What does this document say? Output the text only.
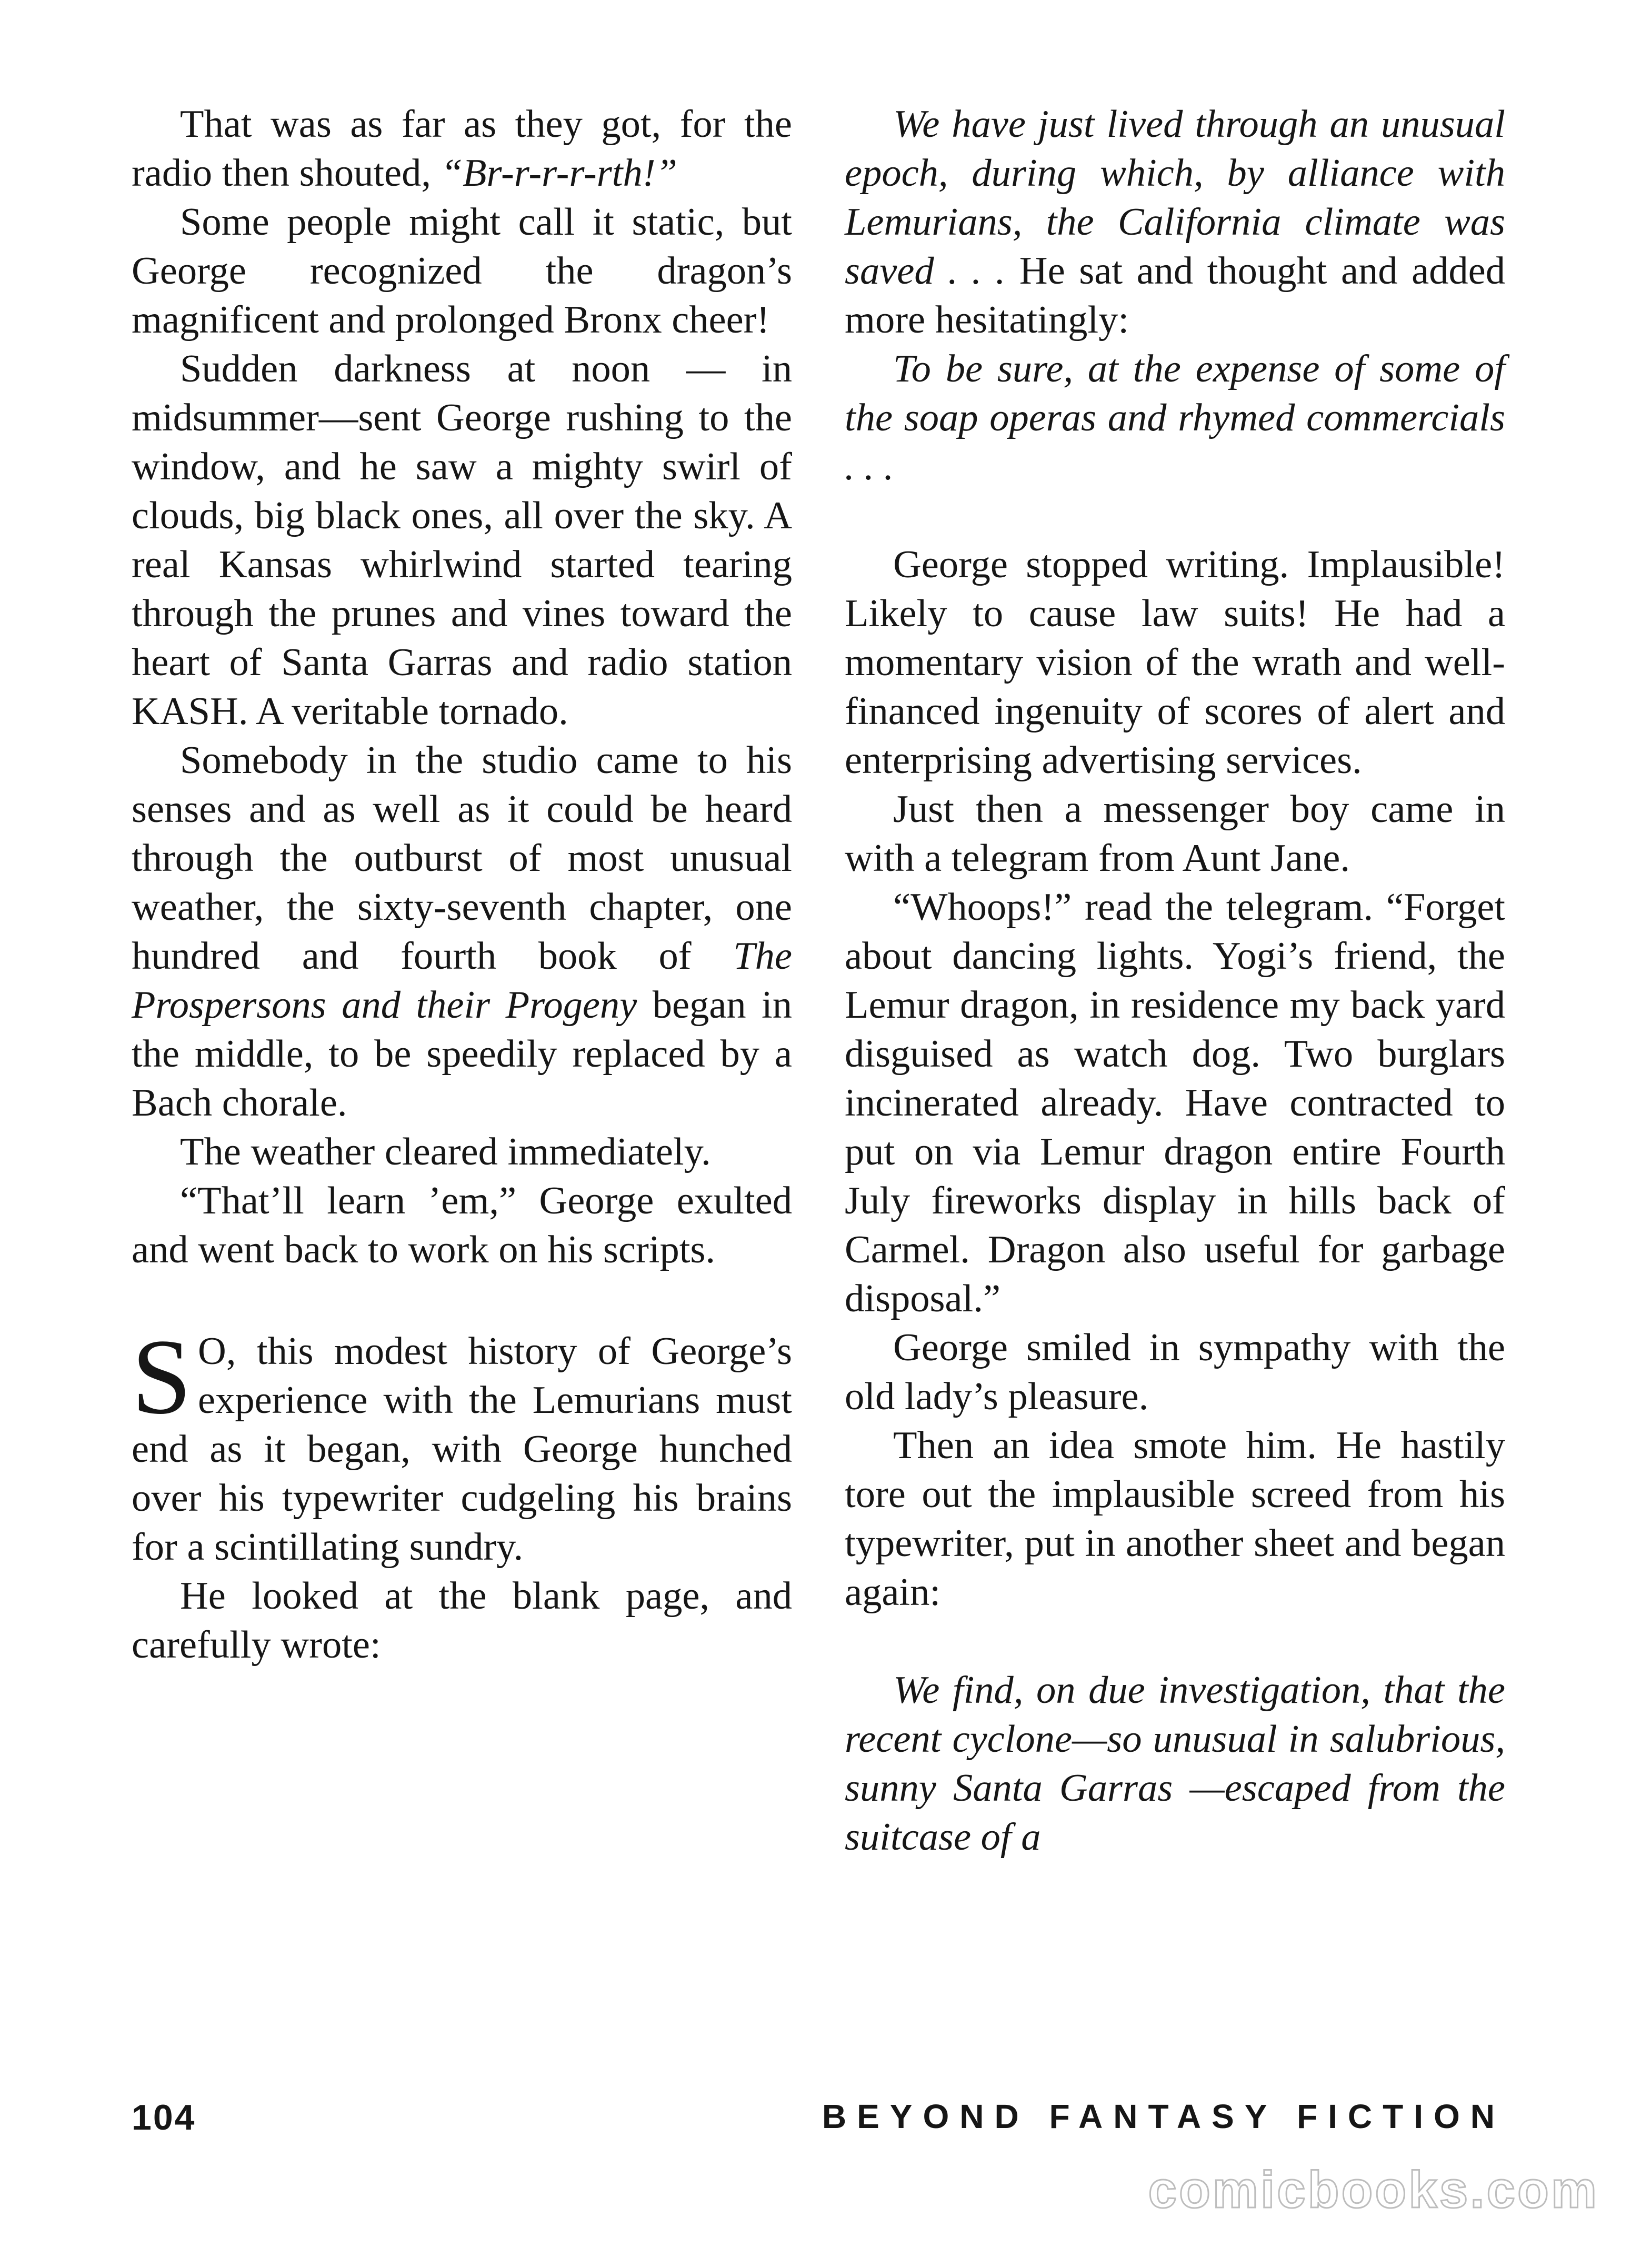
That was as far as they got, for the radio then shouted, “Br-r-r-r-rth!”

Some people might call it static, but George recognized the dragon’s magnificent and prolonged Bronx cheer!

Sudden darkness at noon — in midsummer—sent George rushing to the window, and he saw a mighty swirl of clouds, big black ones, all over the sky. A real Kansas whirlwind started tearing through the prunes and vines toward the heart of Santa Garras and radio station KASH. A veritable tornado.

Somebody in the studio came to his senses and as well as it could be heard through the outburst of most unusual weather, the sixty-seventh chapter, one hundred and fourth book of The Prospersons and their Progeny began in the middle, to be speedily replaced by a Bach chorale.

The weather cleared immediately.

“That’ll learn ’em,” George exulted and went back to work on his scripts.

S O, this modest history of George’s experience with the Lemurians must end as it began, with George hunched over his typewriter cudgeling his brains for a scintillating sundry.

He looked at the blank page, and carefully wrote:

We have just lived through an unusual epoch, during which, by alliance with Lemurians, the California climate was saved . . . He sat and thought and added more hesitatingly:

To be sure, at the expense of some of the soap operas and rhymed commercials . . .

George stopped writing. Implausible! Likely to cause law suits! He had a momentary vision of the wrath and well-financed ingenuity of scores of alert and enterprising advertising services.

Just then a messenger boy came in with a telegram from Aunt Jane.

“Whoops!” read the telegram. “Forget about dancing lights. Yogi’s friend, the Lemur dragon, in residence my back yard disguised as watch dog. Two burglars incinerated already. Have contracted to put on via Lemur dragon entire Fourth July fireworks display in hills back of Carmel. Dragon also useful for garbage disposal.”

George smiled in sympathy with the old lady’s pleasure.

Then an idea smote him. He hastily tore out the implausible screed from his typewriter, put in another sheet and began again:

We find, on due investigation, that the recent cyclone—so unusual in salubrious, sunny Santa Garras —escaped from the suitcase of a

104	BEYOND FANTASY FICTION
comicbooks.com
